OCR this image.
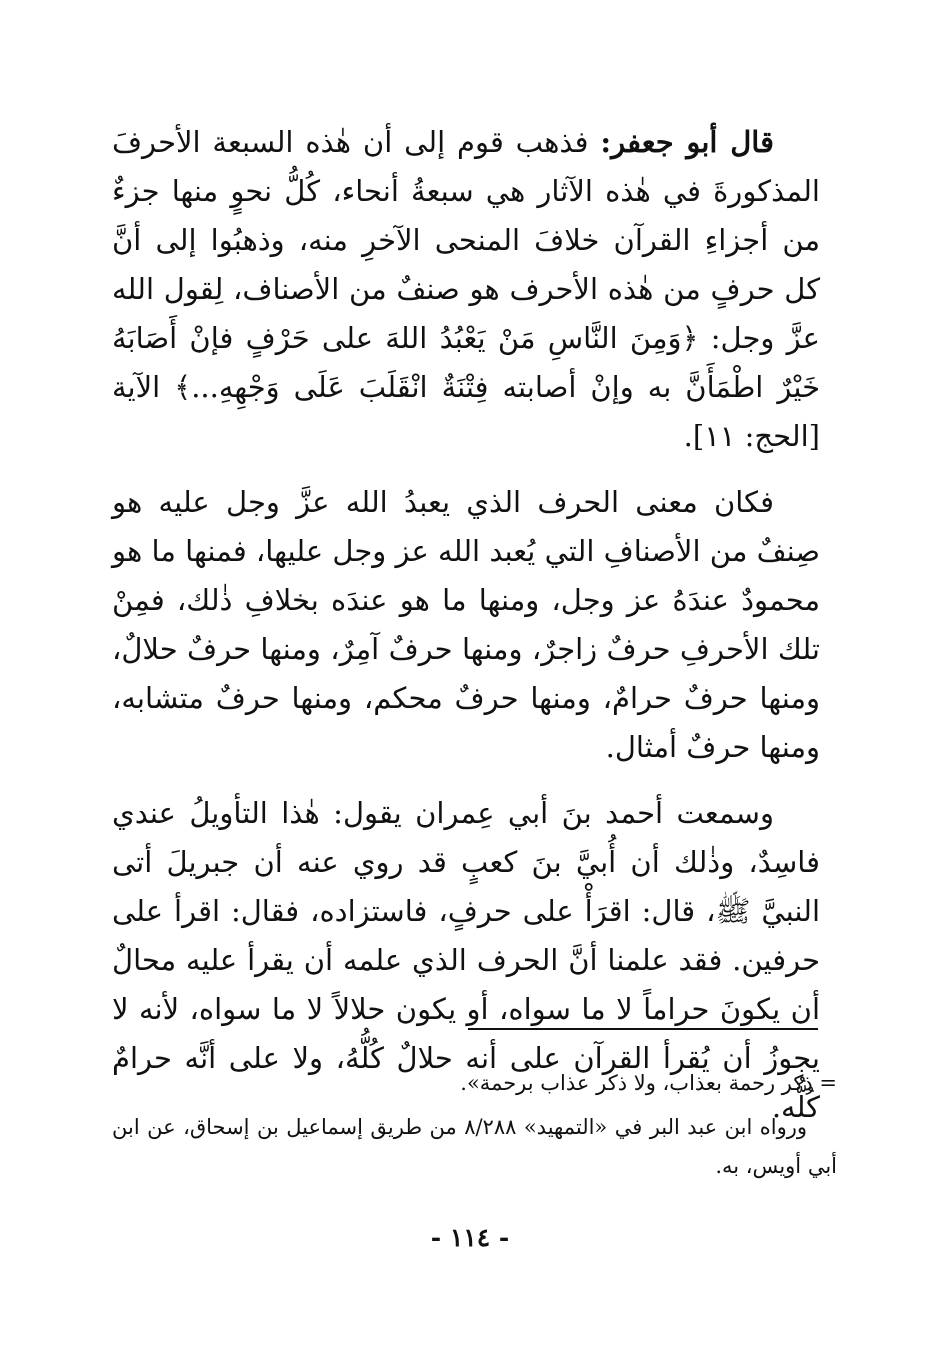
قال أبو جعفر: فذهب قوم إلى أن هٰذه السبعة الأحرفَ المذكورةَ في هٰذه الآثار هي سبعةُ أنحاء، كُلُّ نحوٍ منها جزءٌ من أجزاءِ القرآن خلافَ المنحى الآخرِ منه، وذهبُوا إلى أنَّ كل حرفٍ من هٰذه الأحرف هو صنفٌ من الأصناف، لِقول الله عزَّ وجل: ﴿وَمِنَ النَّاسِ مَنْ يَعْبُدُ اللهَ على حَرْفٍ فإنْ أَصَابَهُ خَيْرٌ اطْمَأَنَّ به وإنْ أصابته فِتْنَةٌ انْقَلَبَ عَلَى وَجْهِهِ...﴾ الآية [الحج: ١١].

فكان معنى الحرف الذي يعبدُ الله عزَّ وجل عليه هو صِنفٌ من الأصنافِ التي يُعبد الله عز وجل عليها، فمنها ما هو محمودٌ عندَهُ عز وجل، ومنها ما هو عندَه بخلافِ ذٰلك، فمِنْ تلك الأحرفِ حرفٌ زاجرٌ، ومنها حرفٌ آمِرٌ، ومنها حرفٌ حلالٌ، ومنها حرفٌ حرامٌ، ومنها حرفٌ محكم، ومنها حرفٌ متشابه، ومنها حرفٌ أمثال.

وسمعت أحمد بنَ أبي عِمران يقول: هٰذا التأويلُ عندي فاسِدٌ، وذٰلك أن أُبيَّ بنَ كعبٍ قد روي عنه أن جبريلَ أتى النبيَّ ﷺ، قال: اقرَأْ على حرفٍ، فاستزاده، فقال: اقرأ على حرفين. فقد علمنا أنَّ الحرف الذي علمه أن يقرأ عليه محالٌ أن يكونَ حراماً لا ما سواه، أو يكون حلالاً لا ما سواه، لأنه لا يجوزُ أن يُقرأ القرآن على أنه حلالٌ كُلُّهُ، ولا على أنَّه حرامٌ كُلُّه.

= ذكر رحمة بعذاب، ولا ذكر عذاب برحمة».

ورواه ابن عبد البر في «التمهيد» ٨/٢٨٨ من طريق إسماعيل بن إسحاق، عن ابن أبي أويس، به.

- ١١٤ -
